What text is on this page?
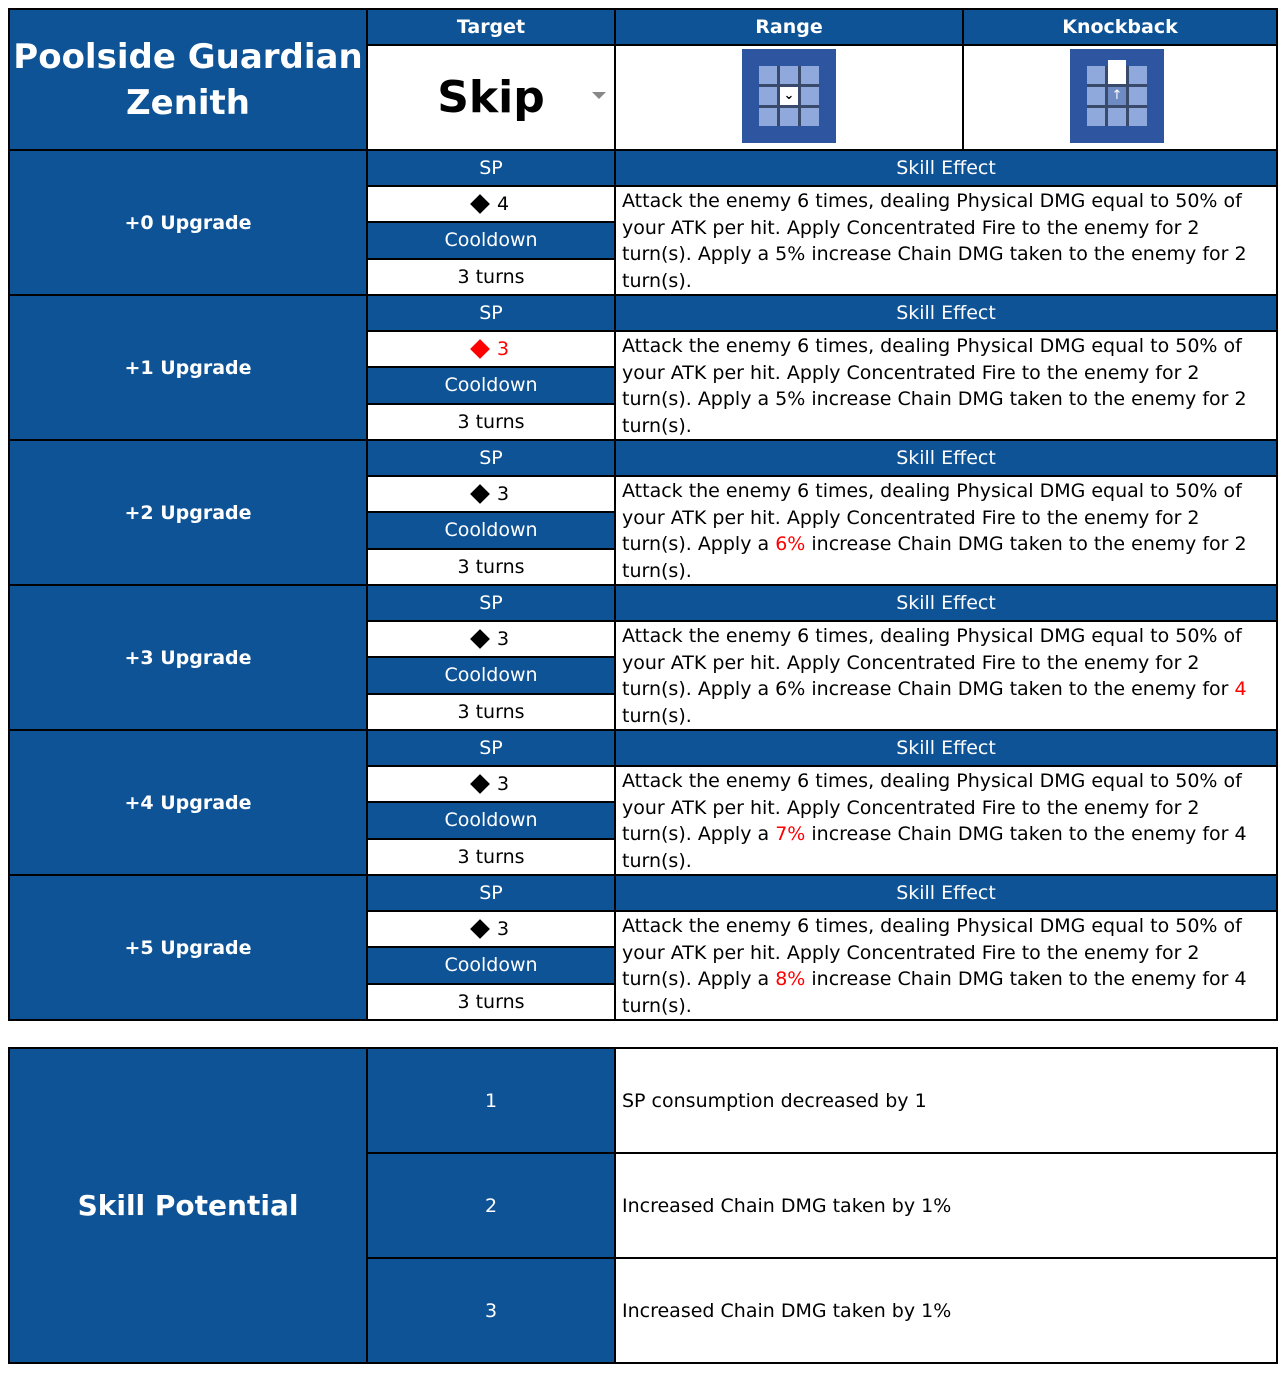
Poolside Guardian Zenith	Target	Range	Knockback
	Skip	⌄	↑

+0 Upgrade	SP	Skill Effect	
	4	Attack the enemy 6 times, dealing Physical DMG equal to 50% of your ATK per hit. Apply Concentrated Fire to the enemy for 2 turn(s). Apply a 5% increase Chain DMG taken to the enemy for 2 turn(s).	
	Cooldown		
	3 turns		
+1 Upgrade	SP	Skill Effect	
	3	Attack the enemy 6 times, dealing Physical DMG equal to 50% of your ATK per hit. Apply Concentrated Fire to the enemy for 2 turn(s). Apply a 5% increase Chain DMG taken to the enemy for 2 turn(s).	
	Cooldown		
	3 turns		
+2 Upgrade	SP	Skill Effect	
	3	Attack the enemy 6 times, dealing Physical DMG equal to 50% of your ATK per hit. Apply Concentrated Fire to the enemy for 2 turn(s). Apply a 6% increase Chain DMG taken to the enemy for 2 turn(s).	
	Cooldown		
	3 turns		
+3 Upgrade	SP	Skill Effect	
	3	Attack the enemy 6 times, dealing Physical DMG equal to 50% of your ATK per hit. Apply Concentrated Fire to the enemy for 2 turn(s). Apply a 6% increase Chain DMG taken to the enemy for 4 turn(s).	
	Cooldown		
	3 turns		
+4 Upgrade	SP	Skill Effect	
	3	Attack the enemy 6 times, dealing Physical DMG equal to 50% of your ATK per hit. Apply Concentrated Fire to the enemy for 2 turn(s). Apply a 7% increase Chain DMG taken to the enemy for 4 turn(s).	
	Cooldown		
	3 turns		
+5 Upgrade	SP	Skill Effect	
	3	Attack the enemy 6 times, dealing Physical DMG equal to 50% of your ATK per hit. Apply Concentrated Fire to the enemy for 2 turn(s). Apply a 8% increase Chain DMG taken to the enemy for 4 turn(s).	
	Cooldown		
	3 turns		
Skill Potential	1	SP consumption decreased by 1
	2	Increased Chain DMG taken by 1%
	3	Increased Chain DMG taken by 1%
